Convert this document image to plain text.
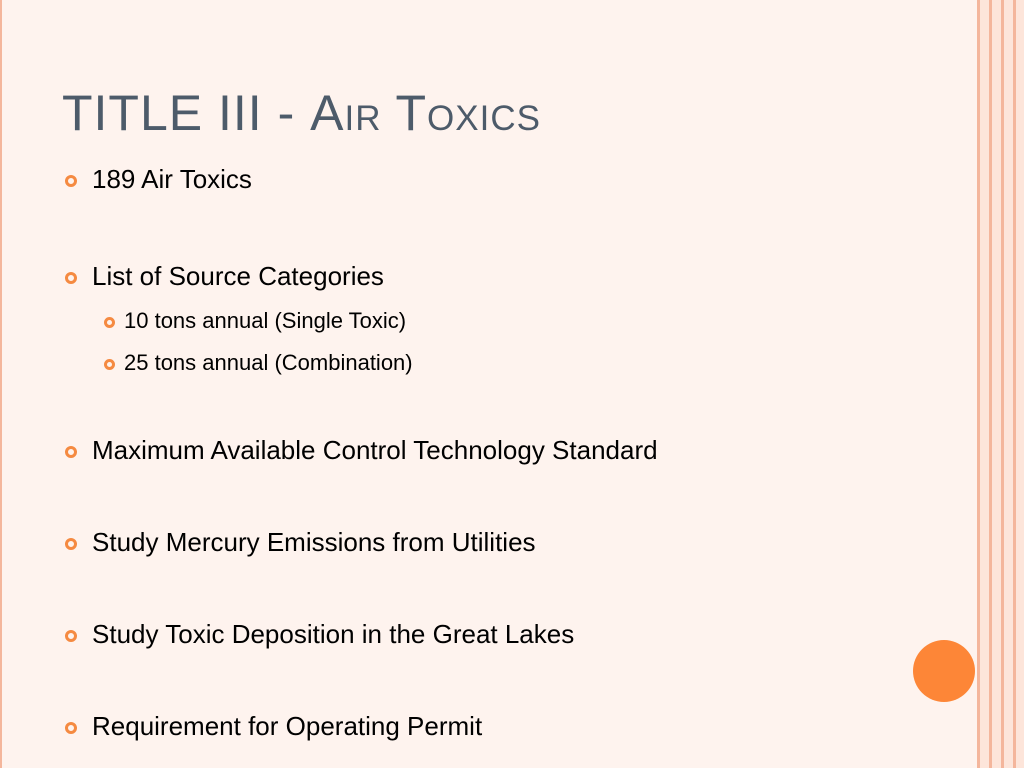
TITLE III - Air Toxics
189 Air Toxics
List of Source Categories
10 tons annual (Single Toxic)
25 tons annual (Combination)
Maximum Available Control Technology Standard
Study Mercury Emissions from Utilities
Study Toxic Deposition in the Great Lakes
Requirement for Operating Permit
